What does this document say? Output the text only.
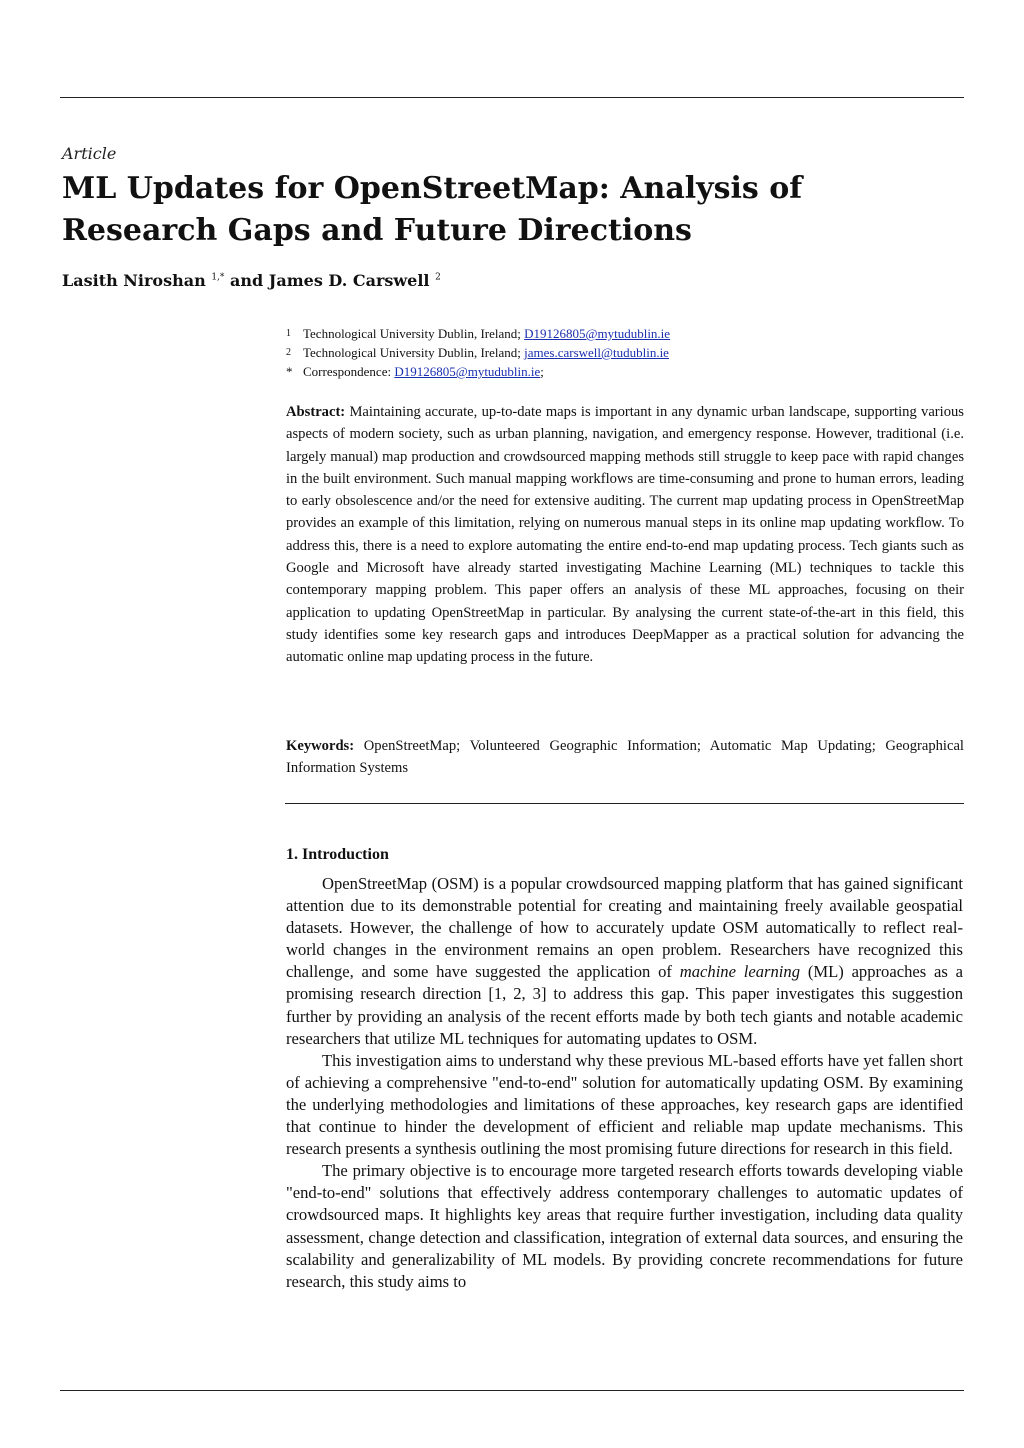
Article
ML Updates for OpenStreetMap: Analysis of Research Gaps and Future Directions
Lasith Niroshan $^{1,*}$ and James D. Carswell $^2$
1 Technological University Dublin, Ireland; D19126805@mytudublin.ie
2 Technological University Dublin, Ireland; james.carswell@tudublin.ie
* Correspondence: D19126805@mytudublin.ie;
Abstract: Maintaining accurate, up-to-date maps is important in any dynamic urban landscape, supporting various aspects of modern society, such as urban planning, navigation, and emergency response. However, traditional (i.e. largely manual) map production and crowdsourced mapping methods still struggle to keep pace with rapid changes in the built environment. Such manual mapping workflows are time-consuming and prone to human errors, leading to early obsolescence and/or the need for extensive auditing. The current map updating process in OpenStreetMap provides an example of this limitation, relying on numerous manual steps in its online map updating workflow. To address this, there is a need to explore automating the entire end-to-end map updating process. Tech giants such as Google and Microsoft have already started investigating Machine Learning (ML) techniques to tackle this contemporary mapping problem. This paper offers an analysis of these ML approaches, focusing on their application to updating OpenStreetMap in particular. By analysing the current state-of-the-art in this field, this study identifies some key research gaps and introduces DeepMapper as a practical solution for advancing the automatic online map updating process in the future.
Keywords: OpenStreetMap; Volunteered Geographic Information; Automatic Map Updating; Geographical Information Systems
1. Introduction

OpenStreetMap (OSM) is a popular crowdsourced mapping platform that has gained significant attention due to its demonstrable potential for creating and maintaining freely available geospatial datasets. However, the challenge of how to accurately update OSM automatically to reflect real-world changes in the environment remains an open problem. Researchers have recognized this challenge, and some have suggested the application of machine learning (ML) approaches as a promising research direction [1, 2, 3] to address this gap. This paper investigates this suggestion further by providing an analysis of the recent efforts made by both tech giants and notable academic researchers that utilize ML techniques for automating updates to OSM.

This investigation aims to understand why these previous ML-based efforts have yet fallen short of achieving a comprehensive "end-to-end" solution for automatically updating OSM. By examining the underlying methodologies and limitations of these approaches, key research gaps are identified that continue to hinder the development of efficient and reliable map update mechanisms. This research presents a synthesis outlining the most promising future directions for research in this field.

The primary objective is to encourage more targeted research efforts towards developing viable "end-to-end" solutions that effectively address contemporary challenges to automatic updates of crowdsourced maps. It highlights key areas that require further investigation, including data quality assessment, change detection and classification, integration of external data sources, and ensuring the scalability and generalizability of ML models. By providing concrete recommendations for future research, this study aims to
